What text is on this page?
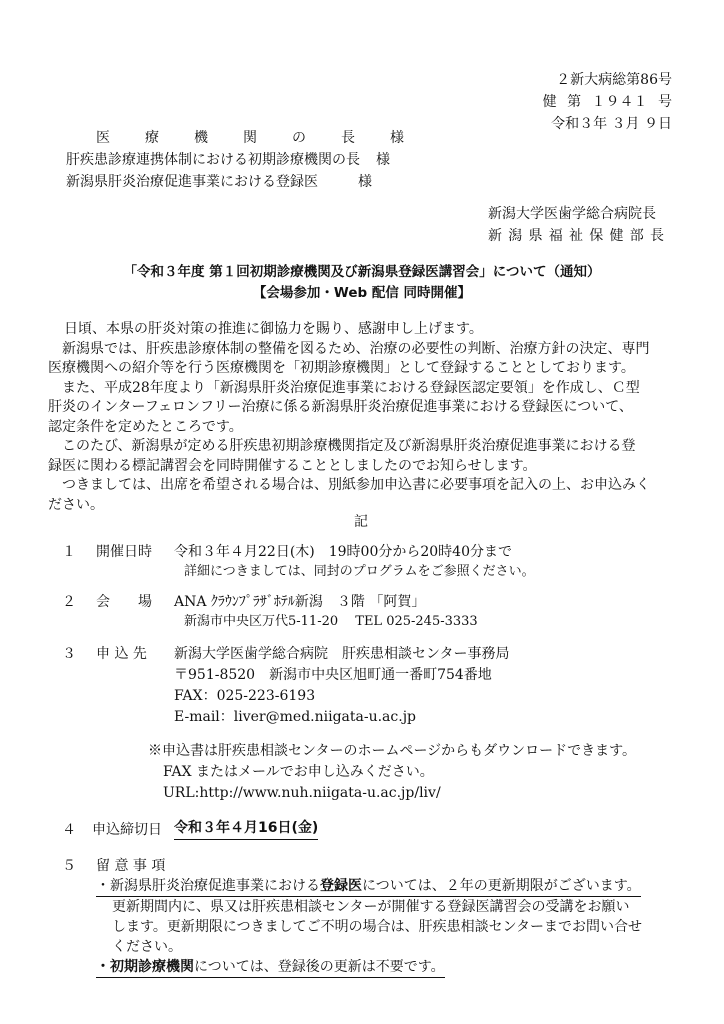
２新大病総第86号
健 第 １９４１ 号
令和３年 ３月 ９日
医	療	機	関	の	長	様
肝疾患診療連携体制における初期診療機関の長 様
新潟県肝炎治療促進事業における登録医	様
新潟大学医歯学総合病院長
新 潟 県 福 祉 保 健 部 長
「令和３年度 第１回初期診療機関及び新潟県登録医講習会」について（通知）
【会場参加・Web 配信 同時開催】

日頃、本県の肝炎対策の推進に御協力を賜り、感謝申し上げます。

新潟県では、肝疾患診療体制の整備を図るため、治療の必要性の判断、治療方針の決定、専門

医療機関への紹介等を行う医療機関を「初期診療機関」として登録することとしております。

また、平成28年度より「新潟県肝炎治療促進事業における登録医認定要領」を作成し、Ｃ型

肝炎のインターフェロンフリー治療に係る新潟県肝炎治療促進事業における登録医について、

認定条件を定めたところです。

このたび、新潟県が定める肝疾患初期診療機関指定及び新潟県肝炎治療促進事業における登

録医に関わる標記講習会を同時開催することとしましたのでお知らせします。

つきましては、出席を希望される場合は、別紙参加申込書に必要事項を記入の上、お申込みく

ださい。

記
１ 開催日時 令和３年４月22日(木)　19時00分から20時40分まで
詳細につきましては、同封のプログラムをご参照ください。
２ 会 場 ANA ｸﾗｳﾝﾌﾟﾗｻﾞﾎﾃﾙ新潟　３階 「阿賀」
新潟市中央区万代5-11-20　 TEL 025-245-3333
３ 申 込 先 新潟大学医歯学総合病院　肝疾患相談センター事務局
〒951-8520　新潟市中央区旭町通一番町754番地
FAX：025-223-6193
E-mail：liver@med.niigata-u.ac.jp
※申込書は肝疾患相談センターのホームページからもダウンロードできます。
FAX またはメールでお申し込みください。
URL:http://www.nuh.niigata-u.ac.jp/liv/
４ 申込締切日 令和３年４月16日(金)
５ 留 意 事 項
・新潟県肝炎治療促進事業における登録医については、２年の更新期限がございます。
更新期間内に、県又は肝疾患相談センターが開催する登録医講習会の受講をお願い
します。更新期限につきましてご不明の場合は、肝疾患相談センターまでお問い合せ
ください。
・初期診療機関については、登録後の更新は不要です。
